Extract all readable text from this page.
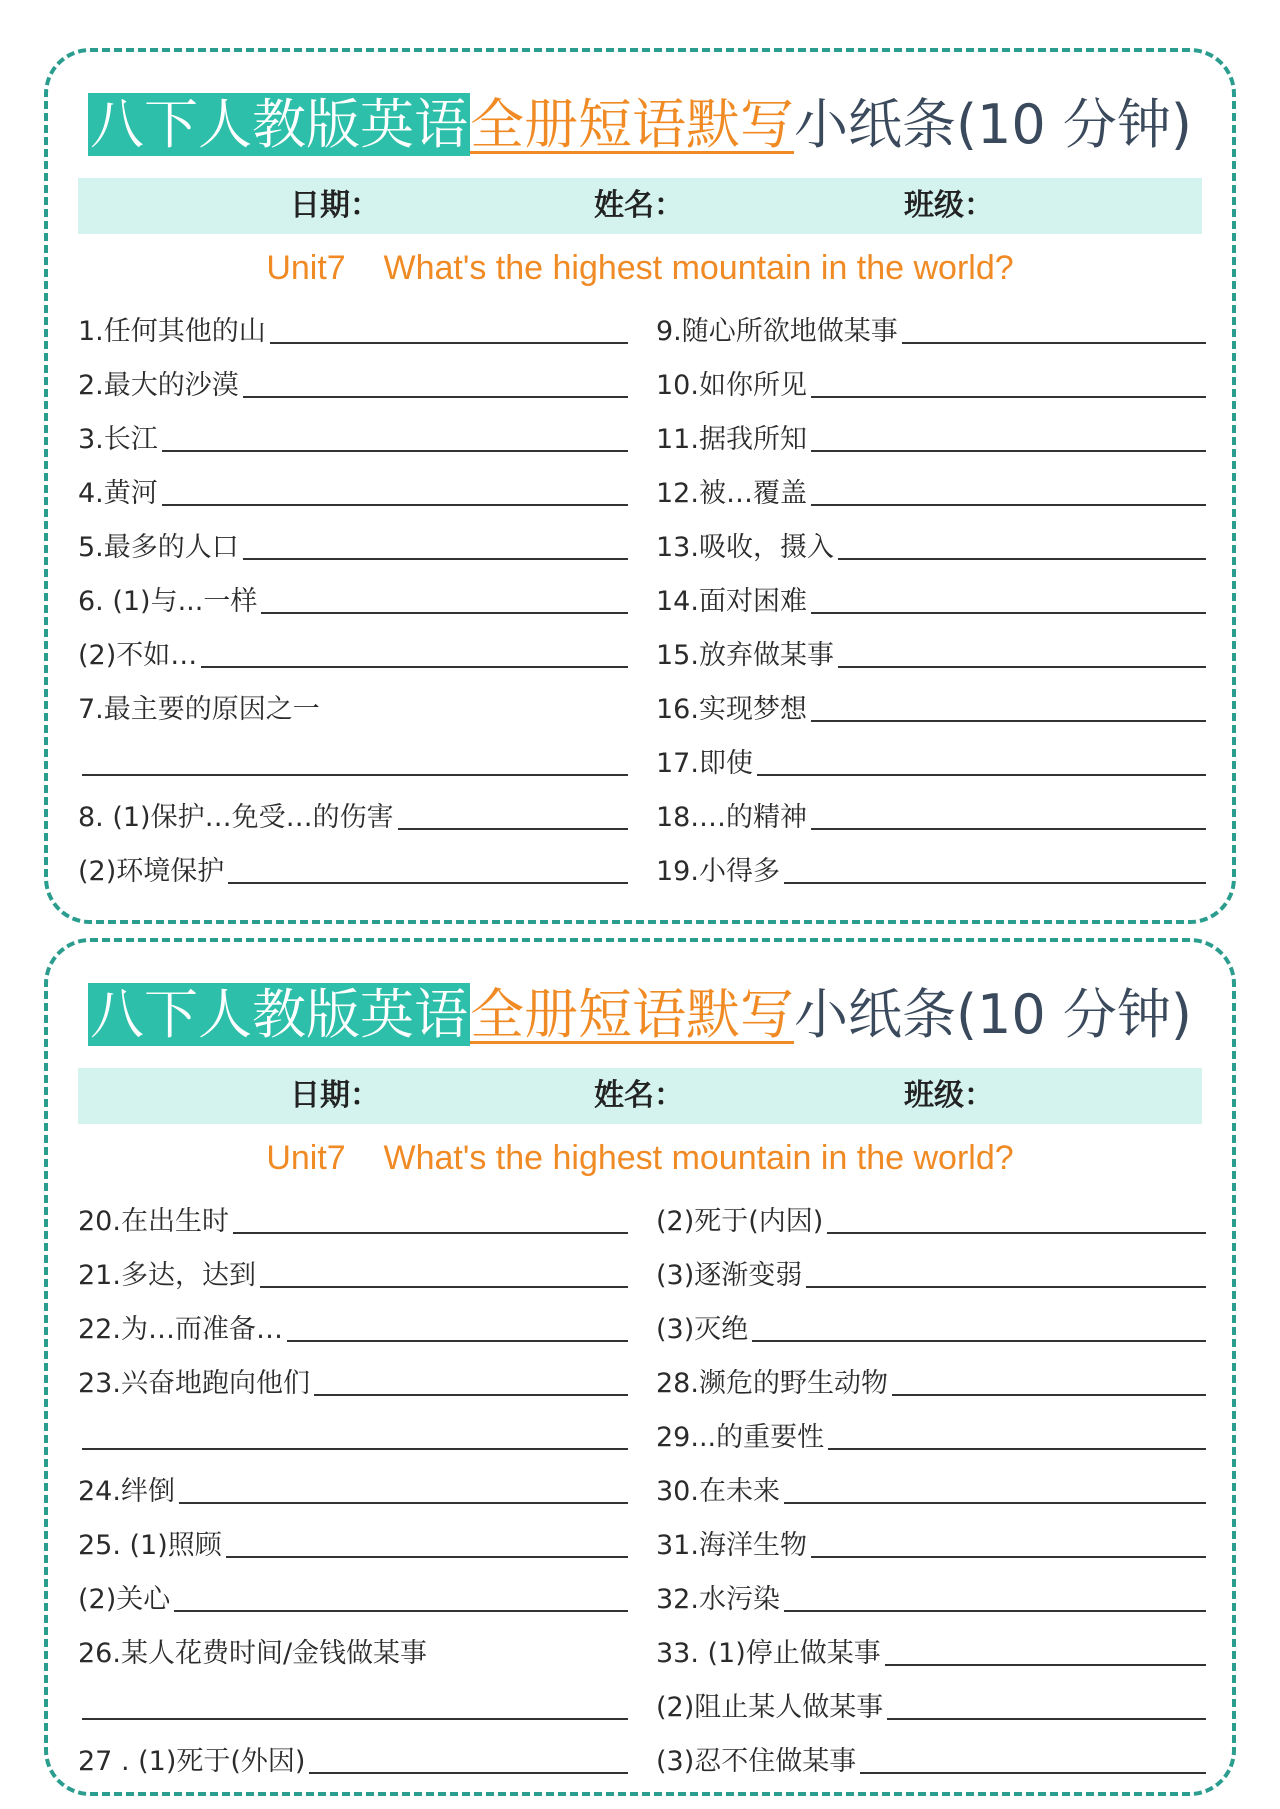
八下人教版英语全册短语默写小纸条(10 分钟)
日期：	姓名：	班级：
Unit7    What's the highest mountain in the world?
1.任何其他的山
2.最大的沙漠
3.长江
4.黄河
5.最多的人口
6. (1)与...一样
(2)不如…
7.最主要的原因之一
8. (1)保护…免受…的伤害
(2)环境保护
9.随心所欲地做某事
10.如你所见
11.据我所知
12.被…覆盖
13.吸收，摄入
14.面对困难
15.放弃做某事
16.实现梦想
17.即使
18.…的精神
19.小得多
八下人教版英语全册短语默写小纸条(10 分钟)
日期：	姓名：	班级：
Unit7    What's the highest mountain in the world?
20.在出生时
21.多达，达到
22.为…而准备…
23.兴奋地跑向他们
24.绊倒
25. (1)照顾
(2)关心
26.某人花费时间/金钱做某事
27 . (1)死于(外因)
(2)死于(内因)
(3)逐渐变弱
(3)灭绝
28.濒危的野生动物
29...的重要性
30.在未来
31.海洋生物
32.水污染
33. (1)停止做某事
(2)阻止某人做某事
(3)忍不住做某事
